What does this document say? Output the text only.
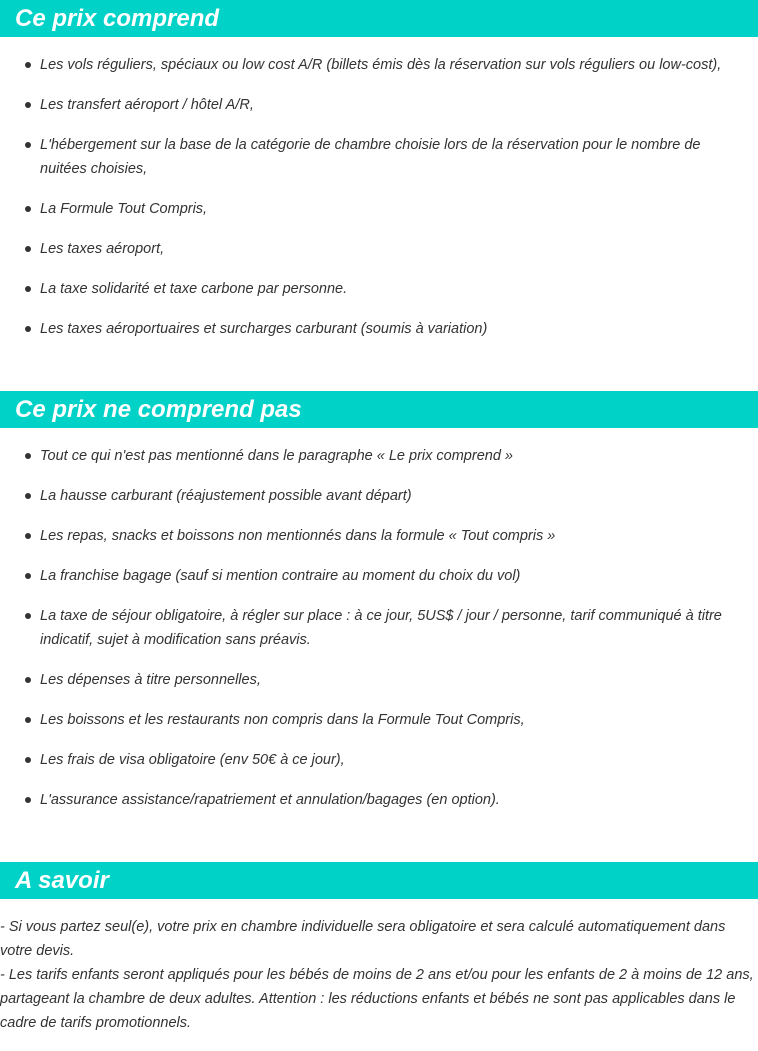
Ce prix comprend
Les vols réguliers, spéciaux ou low cost A/R (billets émis dès la réservation sur vols réguliers ou low-cost),
Les transfert aéroport / hôtel A/R,
L'hébergement sur la base de la catégorie de chambre choisie lors de la réservation pour le nombre de nuitées choisies,
La Formule Tout Compris,
Les taxes aéroport,
La taxe solidarité et taxe carbone par personne.
Les taxes aéroportuaires et surcharges carburant (soumis à variation)
Ce prix ne comprend pas
Tout ce qui n'est pas mentionné dans le paragraphe « Le prix comprend »
La hausse carburant (réajustement possible avant départ)
Les repas, snacks et boissons non mentionnés dans la formule « Tout compris »
La franchise bagage (sauf si mention contraire au moment du choix du vol)
La taxe de séjour obligatoire, à régler sur place : à ce jour, 5US$ / jour / personne, tarif communiqué à titre indicatif, sujet à modification sans préavis.
Les dépenses à titre personnelles,
Les boissons et les restaurants non compris dans la Formule Tout Compris,
Les frais de visa obligatoire (env 50€ à ce jour),
L'assurance assistance/rapatriement et annulation/bagages (en option).
A savoir

- Si vous partez seul(e), votre prix en chambre individuelle sera obligatoire et sera calculé automatiquement dans votre devis.

- Les tarifs enfants seront appliqués pour les bébés de moins de 2 ans et/ou pour les enfants de 2 à moins de 12 ans, partageant la chambre de deux adultes. Attention : les réductions enfants et bébés ne sont pas applicables dans le cadre de tarifs promotionnels.
